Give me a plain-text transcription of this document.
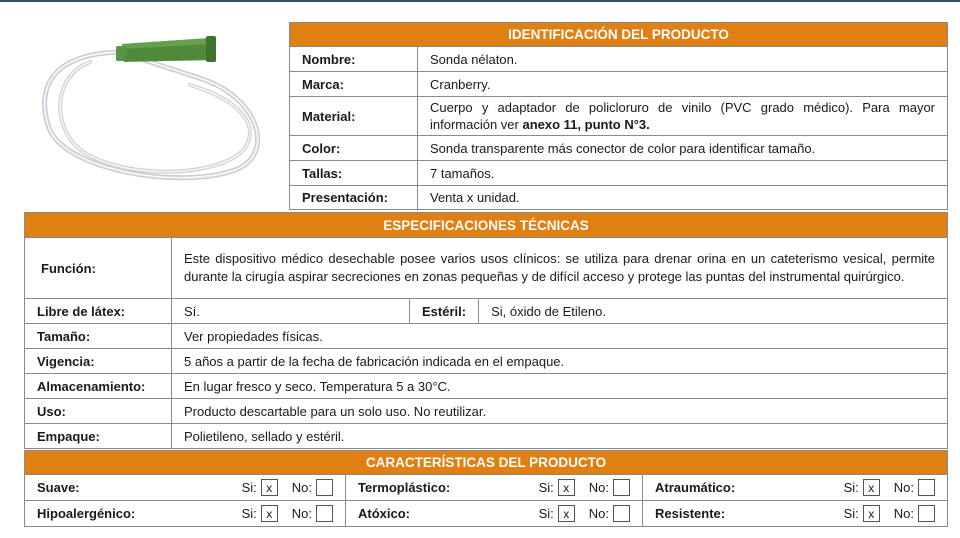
IDENTIFICACIÓN DEL PRODUCTO	
Nombre:	Sonda nélaton.
Marca:	Cranberry.
Material:	Cuerpo y adaptador de policloruro de vinilo (PVC grado médico). Para mayor información ver anexo 11, punto N°3.
Color:	Sonda transparente más conector de color para identificar tamaño.
Tallas:	7 tamaños.
Presentación:	Venta x unidad.
ESPECIFICACIONES TÉCNICAS			
Función:	Este dispositivo médico desechable posee varios usos clínicos: se utiliza para drenar orina en un cateterismo vesical, permite durante la cirugía aspirar secreciones en zonas pequeñas y de difícil acceso y protege las puntas del instrumental quirúrgico.		
Libre de látex:	Sí.	Estéril:	Si, óxido de Etileno.
Tamaño:	Ver propiedades físicas.		
Vigencia:	5 años a partir de la fecha de fabricación indicada en el empaque.		
Almacenamiento:	En lugar fresco y seco. Temperatura 5 a 30°C.		
Uso:	Producto descartable para un solo uso. No reutilizar.		
Empaque:	Polietileno, sellado y estéril.		
CARACTERÍSTICAS DEL PRODUCTO		

Suave: Si: x No:	Termoplástico: Si: x No:	Atraumático: Si: x No:

Hipoalergénico: Si: x No:	Atóxico: Si: x No:	Resistente: Si: x No:
